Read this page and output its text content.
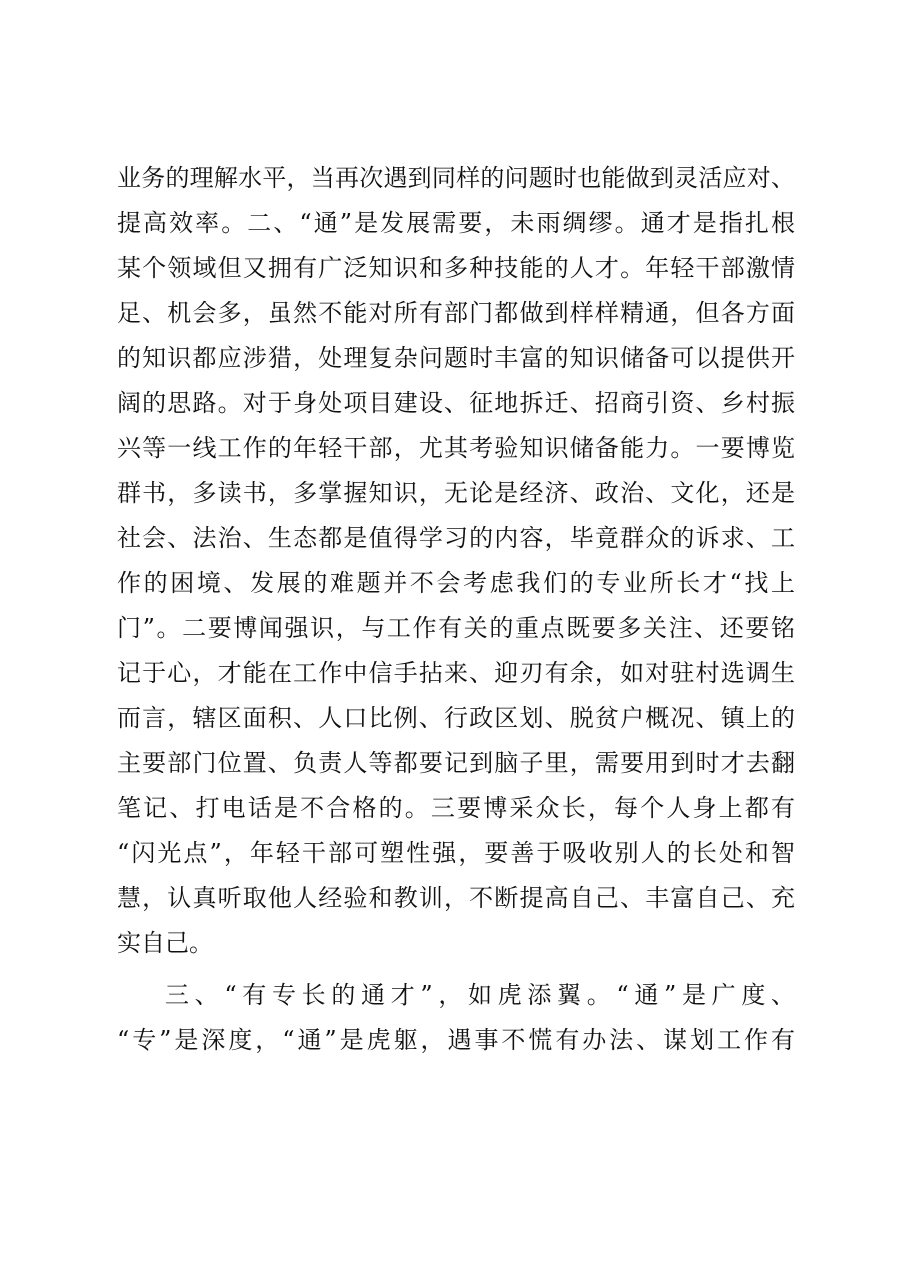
业务的理解水平，当再次遇到同样的问题时也能做到灵活应对、
提高效率。二、“通”是发展需要，未雨绸缪。通才是指扎根
某个领域但又拥有广泛知识和多种技能的人才。年轻干部激情
足、机会多，虽然不能对所有部门都做到样样精通，但各方面
的知识都应涉猎，处理复杂问题时丰富的知识储备可以提供开
阔的思路。对于身处项目建设、征地拆迁、招商引资、乡村振
兴等一线工作的年轻干部，尤其考验知识储备能力。一要博览
群书，多读书，多掌握知识，无论是经济、政治、文化，还是
社会、法治、生态都是值得学习的内容，毕竟群众的诉求、工
作的困境、发展的难题并不会考虑我们的专业所长才“找上
门”。二要博闻强识，与工作有关的重点既要多关注、还要铭
记于心，才能在工作中信手拈来、迎刃有余，如对驻村选调生
而言，辖区面积、人口比例、行政区划、脱贫户概况、镇上的
主要部门位置、负责人等都要记到脑子里，需要用到时才去翻
笔记、打电话是不合格的。三要博采众长，每个人身上都有
“闪光点”，年轻干部可塑性强，要善于吸收别人的长处和智
慧，认真听取他人经验和教训，不断提高自己、丰富自己、充
实自己。
三、“有专长的通才”，如虎添翼。“通”是广度、
“专”是深度，“通”是虎躯，遇事不慌有办法、谋划工作有
